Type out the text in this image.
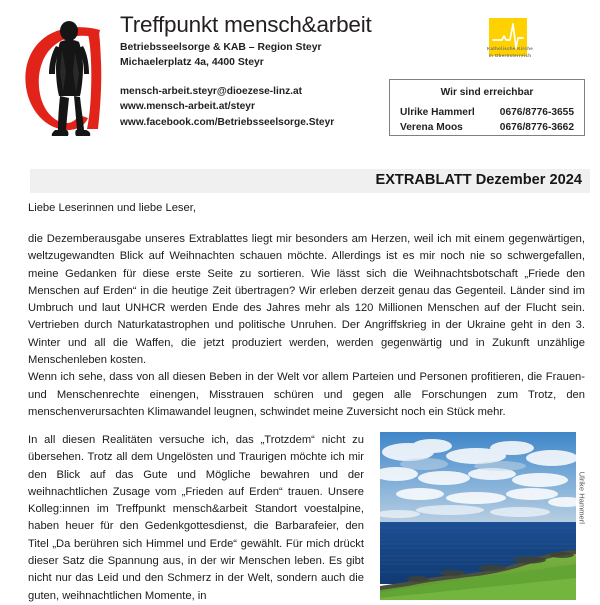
Treffpunkt mensch&arbeit
Betriebsseelsorge & KAB – Region Steyr
Michaelerplatz 4a, 4400 Steyr
mensch-arbeit.steyr@dioezese-linz.at
www.mensch-arbeit.at/steyr
www.facebook.com/Betriebsseelsorge.Steyr
Katholische Kirche
in Oberösterreich
Wir sind erreichbar
Ulrike Hammerl 0676/8776-3655
Verena Moos	0676/8776-3662
EXTRABLATT Dezember 2024
Liebe Leserinnen und liebe Leser,

die Dezemberausgabe unseres Extrablattes liegt mir besonders am Herzen, weil ich mit einem gegenwärtigen, weltzugewandten Blick auf Weihnachten schauen möchte. Allerdings ist es mir noch nie so schwergefallen, meine Gedanken für diese erste Seite zu sortieren. Wie lässt sich die Weihnachtsbotschaft „Friede den Menschen auf Erden“ in die heutige Zeit übertragen? Wir erleben derzeit genau das Gegenteil. Länder sind im Umbruch und laut UNHCR werden Ende des Jahres mehr als 120 Millionen Menschen auf der Flucht sein. Vertrieben durch Naturkatastrophen und politische Unruhen. Der Angriffskrieg in der Ukraine geht in den 3. Winter und all die Waffen, die jetzt produziert werden, werden gegenwärtig und in Zukunft unzählige Menschenleben kosten.

Wenn ich sehe, dass von all diesen Beben in der Welt vor allem Parteien und Personen profitieren, die Frauen- und Menschenrechte einengen, Misstrauen schüren und gegen alle Forschungen zum Trotz, den menschenverursachten Klimawandel leugnen, schwindet meine Zuversicht noch ein Stück mehr.

In all diesen Realitäten versuche ich, das „Trotzdem“ nicht zu übersehen. Trotz all dem Ungelösten und Traurigen möchte ich mir den Blick auf das Gute und Mögliche bewahren und der weihnachtlichen Zusage vom „Frieden auf Erden“ trauen. Unsere Kolleg:innen im Treffpunkt mensch&arbeit Standort voestalpine, haben heuer für den Gedenkgottesdienst, die Barbarafeier, den Titel „Da berühren sich Himmel und Erde“ gewählt. Für mich drückt dieser Satz die Spannung aus, in der wir Menschen leben. Es gibt nicht nur das Leid und den Schmerz in der Welt, sondern auch die guten, weihnachtlichen Momente, in

Ulrike Hammerl
